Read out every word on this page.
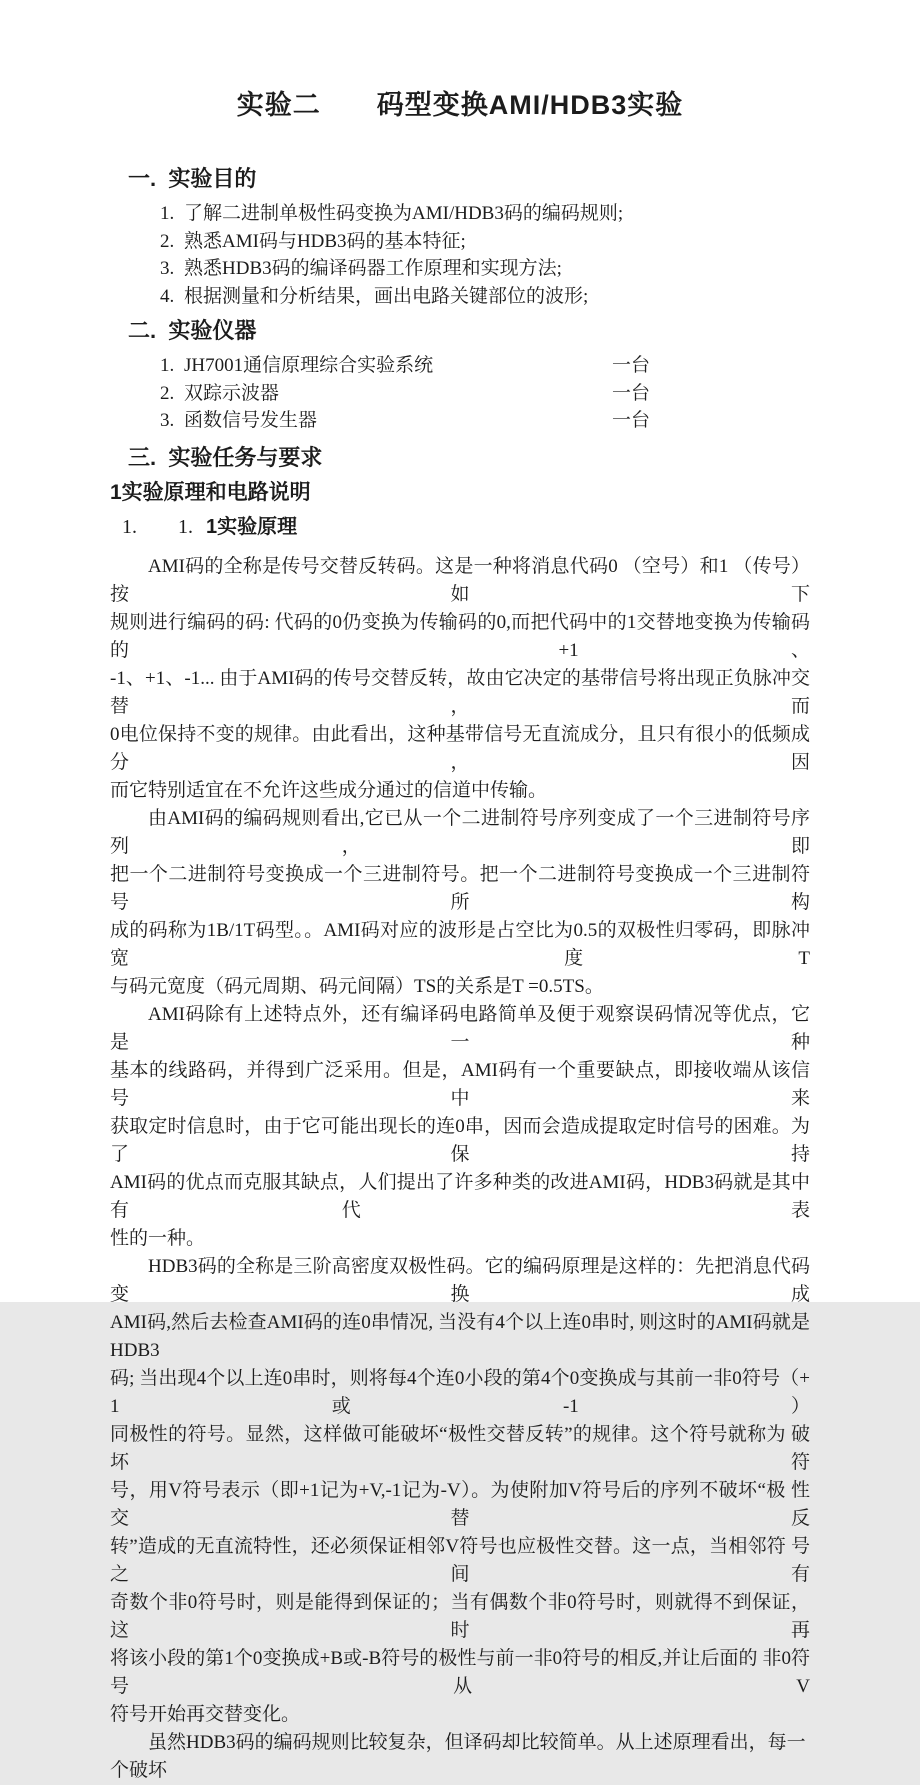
实验二　　码型变换AMI/HDB3实验
一.  实验目的
1. 了解二进制单极性码变换为AMI/HDB3码的编码规则;
2. 熟悉AMI码与HDB3码的基本特征;
3. 熟悉HDB3码的编译码器工作原理和实现方法;
4. 根据测量和分析结果，画出电路关键部位的波形;
二.  实验仪器
1. JH7001通信原理综合实验系统	一台
2. 双踪示波器	一台
3. 函数信号发生器	一台
三.  实验任务与要求
1实验原理和电路说明
1. 1. 1实验原理
AMI码的全称是传号交替反转码。这是一种将消息代码0 （空号）和1 （传号）按如下
规则进行编码的码: 代码的0仍变换为传输码的0,而把代码中的1交替地变换为传输码的 +1、
-1、+1、-1... 由于AMI码的传号交替反转，故由它决定的基带信号将出现正负脉冲交 替，而
0电位保持不变的规律。由此看出，这种基带信号无直流成分，且只有很小的低频成 分，因
而它特别适宜在不允许这些成分通过的信道中传输。
由AMI码的编码规则看出,它已从一个二进制符号序列变成了一个三进制符号序列， 即
把一个二进制符号变换成一个三进制符号。把一个二进制符号变换成一个三进制符号所构
成的码称为1B/1T码型。。AMI码对应的波形是占空比为0.5的双极性归零码，即脉冲宽 度T
与码元宽度（码元周期、码元间隔）TS的关系是T =0.5TS。
AMI码除有上述特点外，还有编译码电路简单及便于观察误码情况等优点，它是一种
基本的线路码，并得到广泛采用。但是，AMI码有一个重要缺点，即接收端从该信号中来
获取定时信息时，由于它可能出现长的连0串，因而会造成提取定时信号的困难。为了保持
AMI码的优点而克服其缺点，人们提出了许多种类的改进AMI码，HDB3码就是其中有代 表
性的一种。
HDB3码的全称是三阶高密度双极性码。它的编码原理是这样的：先把消息代码变换成
AMI码,然后去检查AMI码的连0串情况, 当没有4个以上连0串时, 则这时的AMI码就是 HDB3
码; 当出现4个以上连0串时，则将每4个连0小段的第4个0变换成与其前一非0符号（+ 1或-1）
同极性的符号。显然，这样做可能破坏“极性交替反转”的规律。这个符号就称为 破坏符
号，用V符号表示（即+1记为+V,-1记为-V）。为使附加V符号后的序列不破坏“极 性交替反
转”造成的无直流特性，还必须保证相邻V符号也应极性交替。这一点，当相邻符 号之间有
奇数个非0符号时，则是能得到保证的；当有偶数个非0符号时，则就得不到保证， 这时再
将该小段的第1个0变换成+B或-B符号的极性与前一非0符号的相反,并让后面的 非0符号从V
符号开始再交替变化。
虽然HDB3码的编码规则比较复杂，但译码却比较简单。从上述原理看出，每一个破坏
